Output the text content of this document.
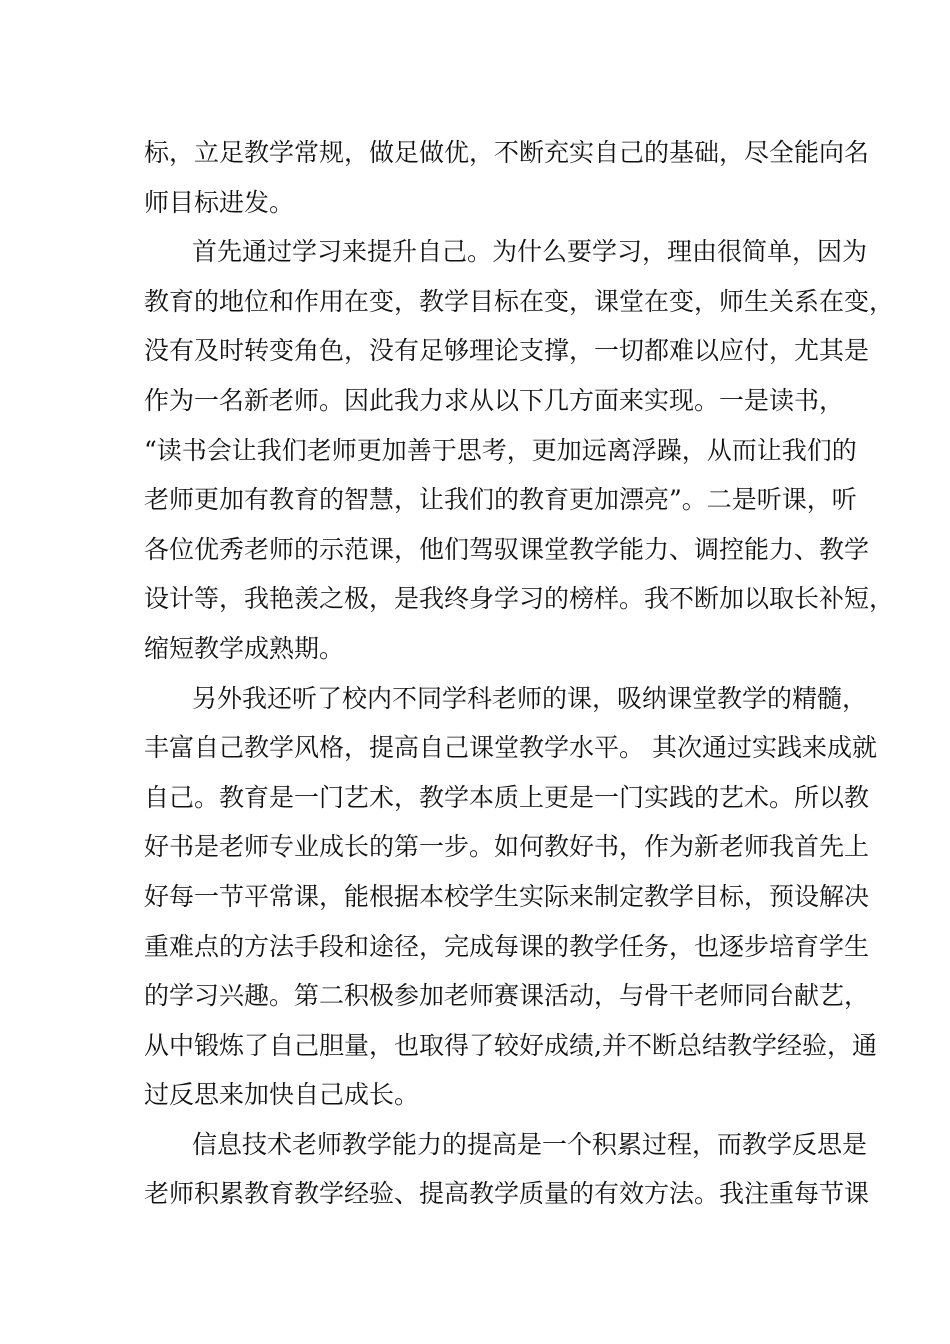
标，立足教学常规，做足做优，不断充实自己的基础，尽全能向名
师目标进发。
首先通过学习来提升自己。为什么要学习，理由很简单，因为
教育的地位和作用在变，教学目标在变，课堂在变，师生关系在变，
没有及时转变角色，没有足够理论支撑，一切都难以应付，尤其是
作为一名新老师。因此我力求从以下几方面来实现。一是读书，
“读书会让我们老师更加善于思考，更加远离浮躁，从而让我们的
老师更加有教育的智慧，让我们的教育更加漂亮”。二是听课，听
各位优秀老师的示范课，他们驾驭课堂教学能力、调控能力、教学
设计等，我艳羡之极，是我终身学习的榜样。我不断加以取长补短，
缩短教学成熟期。
另外我还听了校内不同学科老师的课，吸纳课堂教学的精髓，
丰富自己教学风格，提高自己课堂教学水平。 其次通过实践来成就
自己。教育是一门艺术，教学本质上更是一门实践的艺术。所以教
好书是老师专业成长的第一步。如何教好书，作为新老师我首先上
好每一节平常课，能根据本校学生实际来制定教学目标，预设解决
重难点的方法手段和途径，完成每课的教学任务，也逐步培育学生
的学习兴趣。第二积极参加老师赛课活动，与骨干老师同台献艺，
从中锻炼了自己胆量，也取得了较好成绩,并不断总结教学经验，通
过反思来加快自己成长。
信息技术老师教学能力的提高是一个积累过程，而教学反思是
老师积累教育教学经验、提高教学质量的有效方法。我注重每节课
